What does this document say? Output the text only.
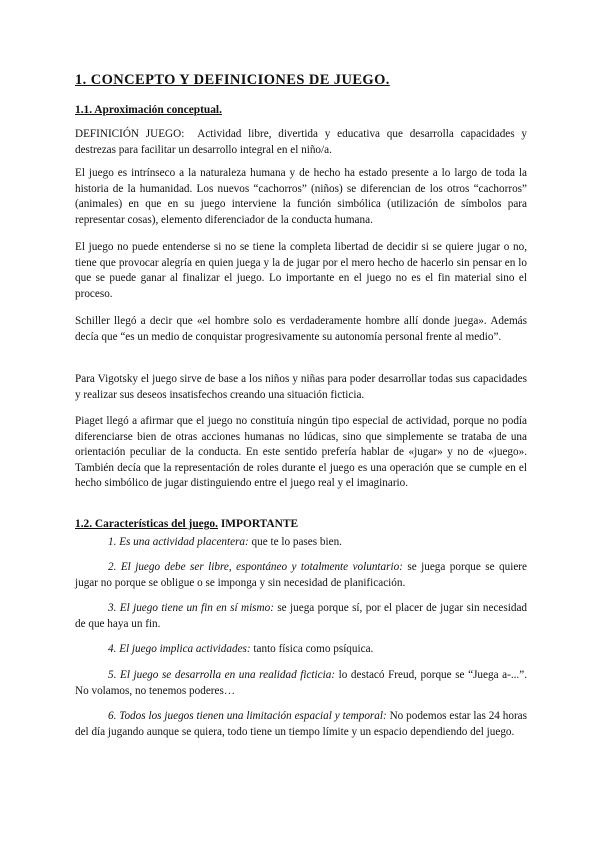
1. CONCEPTO Y DEFINICIONES DE JUEGO.
1.1. Aproximación conceptual.

DEFINICIÓN JUEGO: Actividad libre, divertida y educativa que desarrolla capacidades y destrezas para facilitar un desarrollo integral en el niño/a.

El juego es intrínseco a la naturaleza humana y de hecho ha estado presente a lo largo de toda la historia de la humanidad. Los nuevos “cachorros” (niños) se diferencian de los otros “cachorros” (animales) en que en su juego interviene la función simbólica (utilización de símbolos para representar cosas), elemento diferenciador de la conducta humana.

El juego no puede entenderse si no se tiene la completa libertad de decidir si se quiere jugar o no, tiene que provocar alegría en quien juega y la de jugar por el mero hecho de hacerlo sin pensar en lo que se puede ganar al finalizar el juego. Lo importante en el juego no es el fin material sino el proceso.

Schiller llegó a decir que «el hombre solo es verdaderamente hombre allí donde juega». Además decía que “es un medio de conquistar progresivamente su autonomía personal frente al medio”.

Para Vigotsky el juego sirve de base a los niños y niñas para poder desarrollar todas sus capacidades y realizar sus deseos insatisfechos creando una situación ficticia.

Piaget llegó a afirmar que el juego no constituía ningún tipo especial de actividad, porque no podía diferenciarse bien de otras acciones humanas no lúdicas, sino que simplemente se trataba de una orientación peculiar de la conducta. En este sentido prefería hablar de «jugar» y no de «juego». También decía que la representación de roles durante el juego es una operación que se cumple en el hecho simbólico de jugar distinguiendo entre el juego real y el imaginario.

1.2. Características del juego. IMPORTANTE

1. Es una actividad placentera: que te lo pases bien.

2. El juego debe ser libre, espontáneo y totalmente voluntario: se juega porque se quiere jugar no porque se obligue o se imponga y sin necesidad de planificación.

3. El juego tiene un fin en sí mismo: se juega porque sí, por el placer de jugar sin necesidad de que haya un fin.

4. El juego implica actividades: tanto física como psíquica.

5. El juego se desarrolla en una realidad ficticia: lo destacó Freud, porque se “Juega a-...”. No volamos, no tenemos poderes…

6. Todos los juegos tienen una limitación espacial y temporal: No podemos estar las 24 horas del día jugando aunque se quiera, todo tiene un tiempo límite y un espacio dependiendo del juego.
